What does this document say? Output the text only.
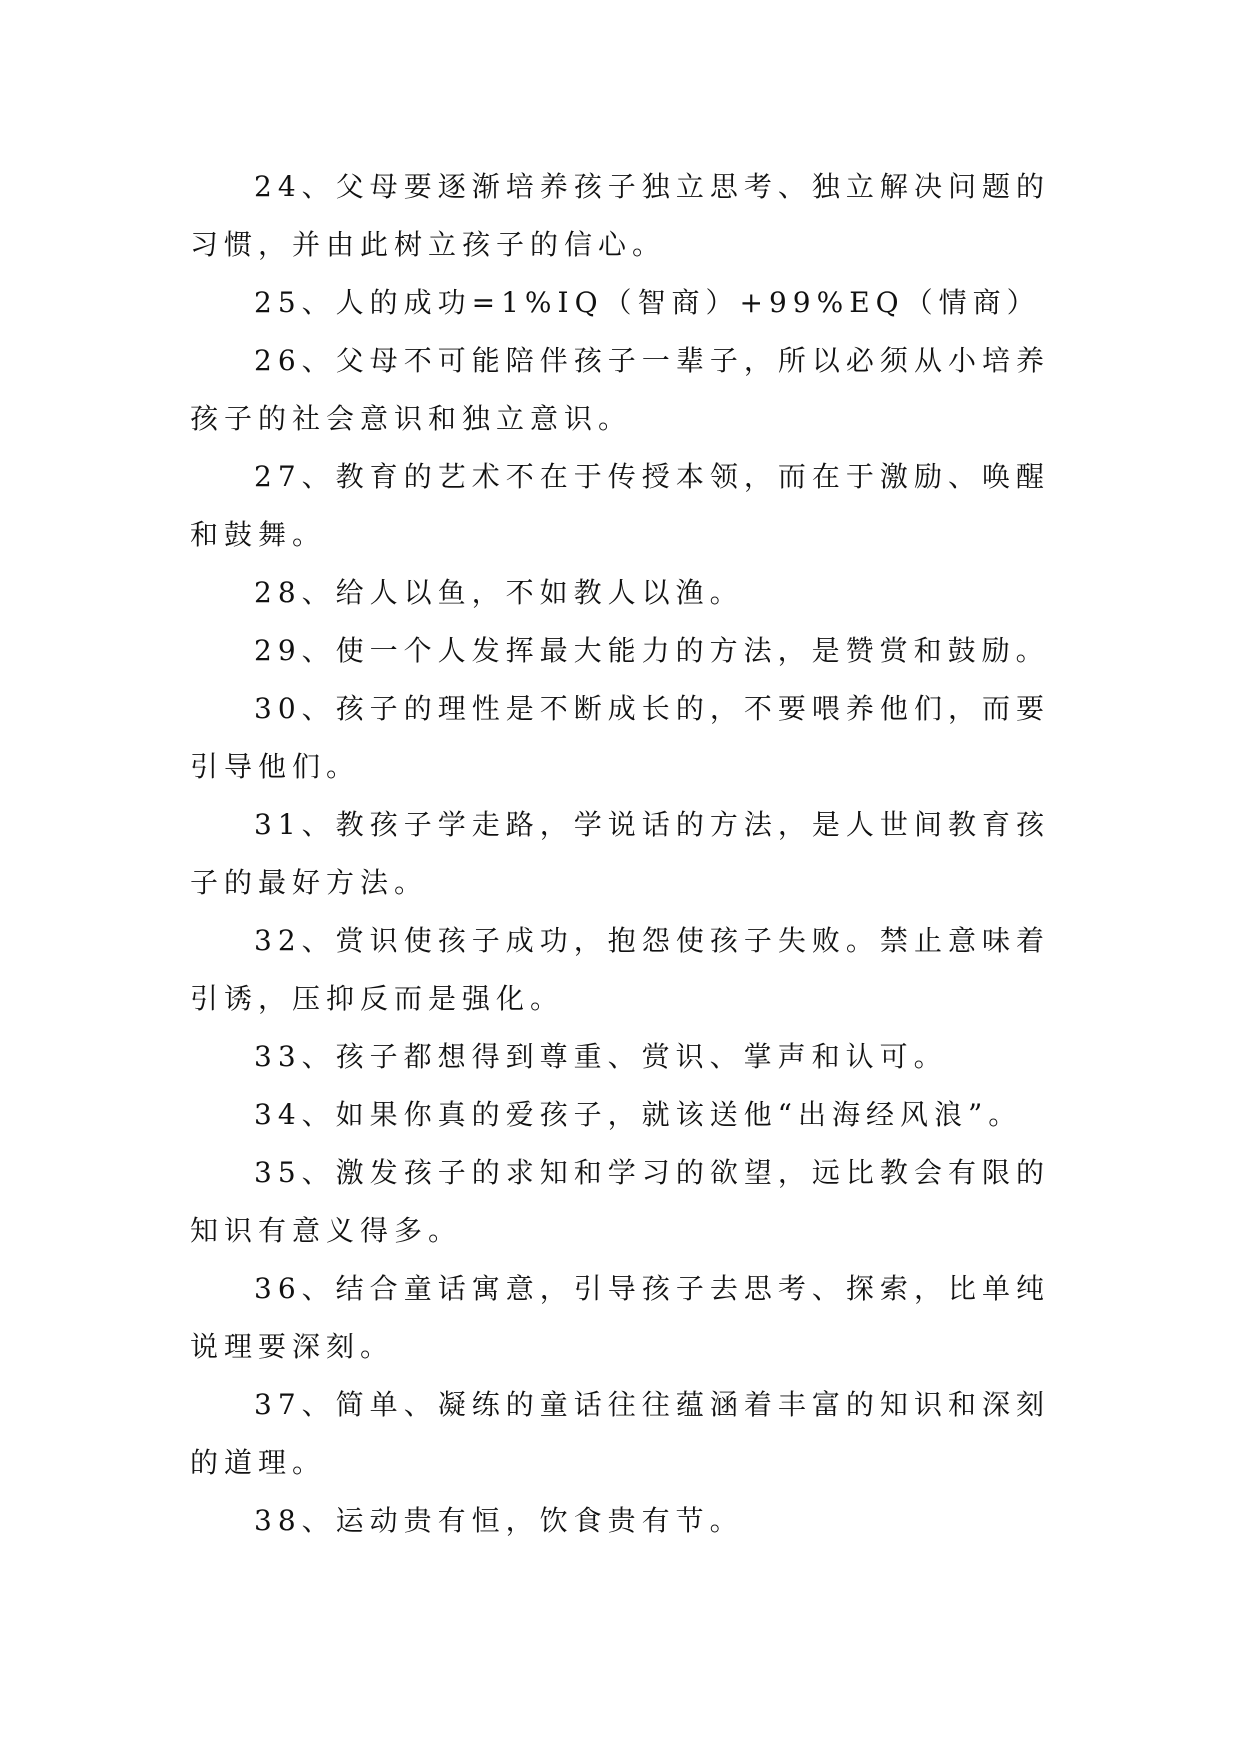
24、父母要逐渐培养孩子独立思考、独立解决问题的习惯，并由此树立孩子的信心。

25、人的成功=1%IQ（智商）+99%EQ（情商）

26、父母不可能陪伴孩子一辈子，所以必须从小培养孩子的社会意识和独立意识。

27、教育的艺术不在于传授本领，而在于激励、唤醒和鼓舞。

28、给人以鱼，不如教人以渔。

29、使一个人发挥最大能力的方法，是赞赏和鼓励。

30、孩子的理性是不断成长的，不要喂养他们，而要引导他们。

31、教孩子学走路，学说话的方法，是人世间教育孩子的最好方法。

32、赏识使孩子成功，抱怨使孩子失败。禁止意味着引诱，压抑反而是强化。

33、孩子都想得到尊重、赏识、掌声和认可。

34、如果你真的爱孩子，就该送他“出海经风浪”。

35、激发孩子的求知和学习的欲望，远比教会有限的知识有意义得多。

36、结合童话寓意，引导孩子去思考、探索，比单纯说理要深刻。

37、简单、凝练的童话往往蕴涵着丰富的知识和深刻的道理。

38、运动贵有恒，饮食贵有节。
